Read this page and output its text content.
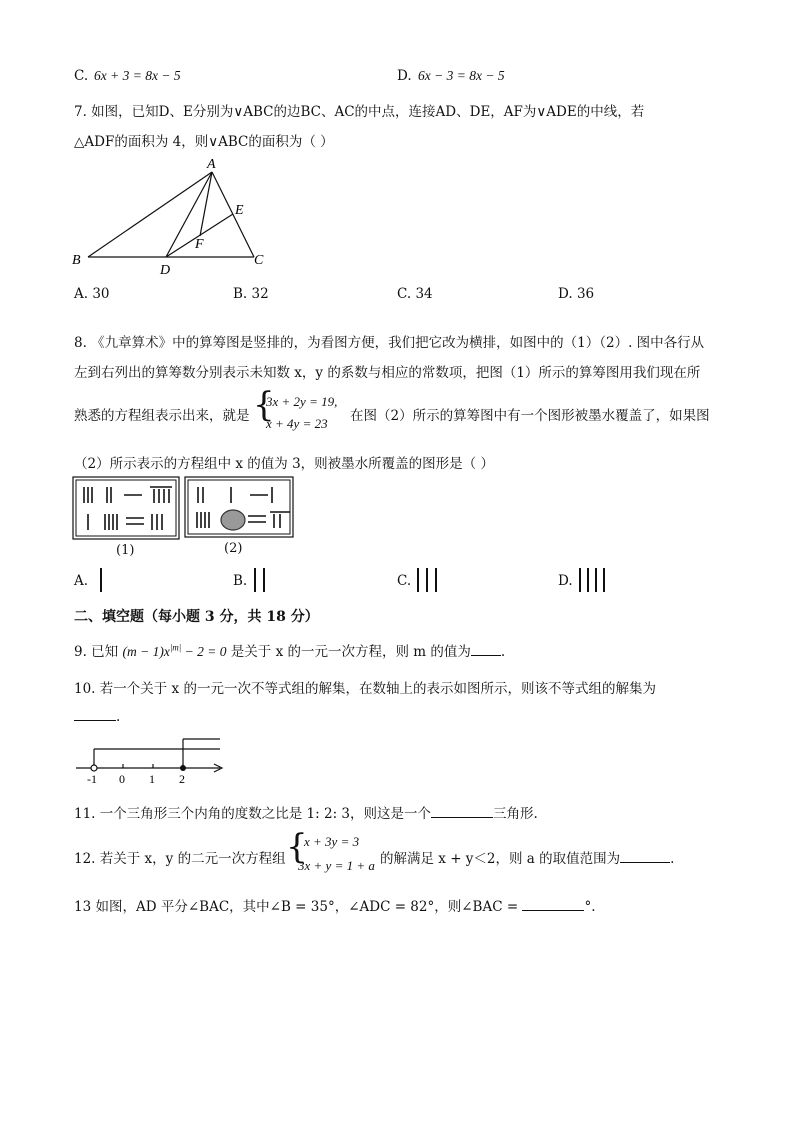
C. 6x + 3 = 8x − 5	D. 6x − 3 = 8x − 5
7. 如图，已知D、E分别为∨ABC的边BC、AC的中点，连接AD、DE，AF为∨ADE的中线，若
△ADF的面积为 4，则∨ABC的面积为（ ）
A
B	C
D
E
F
A. 30	B. 32	C. 34	D. 36
8. 《九章算术》中的算筹图是竖排的，为看图方便，我们把它改为横排，如图中的（1）（2）. 图中各行从
左到右列出的算筹数分别表示未知数 x，y 的系数与相应的常数项，把图（1）所示的算筹图用我们现在所
熟悉的方程组表示出来，就是 {
3x + 2y = 19,
x + 4y = 23 在图（2）所示的算筹图中有一个图形被墨水覆盖了，如果图
（2）所示表示的方程组中 x 的值为 3，则被墨水所覆盖的图形是（ ）
(1)	(2)
A.	B.	C.	D.
二、填空题（每小题 3 分，共 18 分）
9. 已知 $(m - 1)x^{|m|} - 2 = 0$ 是关于 x 的一元一次方程，则 m 的值为 .
10. 若一个关于 x 的一元一次不等式组的解集，在数轴上的表示如图所示，则该不等式组的解集为
.
-1 0 1 2
11. 一个三角形三个内角的度数之比是 1: 2: 3，则这是一个	三角形.
12. 若关于 x，y 的二元一次方程组 {
x + 3y = 3
3x + y = 1 + a 的解满足 x + y＜2，则 a 的取值范围为	.
13 如图，AD 平分∠BAC，其中∠B = 35°，∠ADC = 82°，则∠BAC =	°.
